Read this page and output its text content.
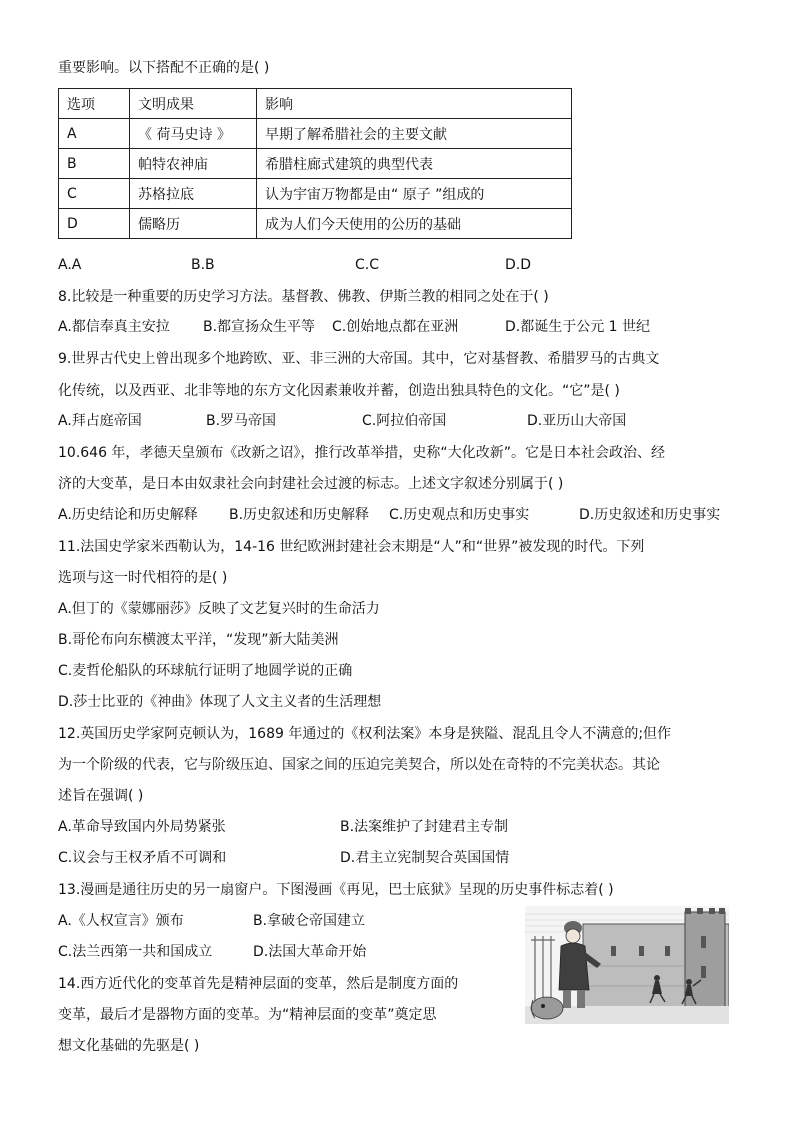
重要影响。以下搭配不正确的是( )
选项	文明成果	影响
A	《 荷马史诗 》	早期了解希腊社会的主要文献
B	帕特农神庙	希腊柱廊式建筑的典型代表
C	苏格拉底	认为宇宙万物都是由“ 原子 ”组成的
D	儒略历	成为人们今天使用的公历的基础
A.A	B.B	C.C	D.D
8.比较是一种重要的历史学习方法。基督教、佛教、伊斯兰教的相同之处在于( )
A.都信奉真主安拉 B.都宣扬众生平等 C.创始地点都在亚洲	D.都诞生于公元 1 世纪
9.世界古代史上曾出现多个地跨欧、亚、非三洲的大帝国。其中，它对基督教、希腊罗马的古典文
化传统，以及西亚、北非等地的东方文化因素兼收并蓄，创造出独具特色的文化。“它”是( )
A.拜占庭帝国	B.罗马帝国	C.阿拉伯帝国	D.亚历山大帝国
10.646 年，孝德天皇颁布《改新之诏》，推行改革举措，史称“大化改新”。它是日本社会政治、经
济的大变革，是日本由奴隶社会向封建社会过渡的标志。上述文字叙述分别属于( )
A.历史结论和历史解释 B.历史叙述和历史解释 C.历史观点和历史事实	D.历史叙述和历史事实
11.法国史学家米西勒认为，14-16 世纪欧洲封建社会末期是“人”和“世界”被发现的时代。下列
选项与这一时代相符的是( )
A.但丁的《蒙娜丽莎》反映了文艺复兴时的生命活力
B.哥伦布向东横渡太平洋，“发现”新大陆美洲
C.麦哲伦船队的环球航行证明了地圆学说的正确
D.莎士比亚的《神曲》体现了人文主义者的生活理想
12.英国历史学家阿克顿认为，1689 年通过的《权利法案》本身是狭隘、混乱且令人不满意的;但作
为一个阶级的代表，它与阶级压迫、国家之间的压迫完美契合，所以处在奇特的不完美状态。其论
述旨在强调( )
A.革命导致国内外局势紧张	B.法案维护了封建君主专制
C.议会与王权矛盾不可调和	D.君主立宪制契合英国国情
13.漫画是通往历史的另一扇窗户。下图漫画《再见，巴士底狱》呈现的历史事件标志着( )
A.《人权宣言》颁布	B.拿破仑帝国建立
C.法兰西第一共和国成立	D.法国大革命开始
14.西方近代化的变革首先是精神层面的变革，然后是制度方面的
变革，最后才是器物方面的变革。为“精神层面的变革”奠定思
想文化基础的先驱是( )
